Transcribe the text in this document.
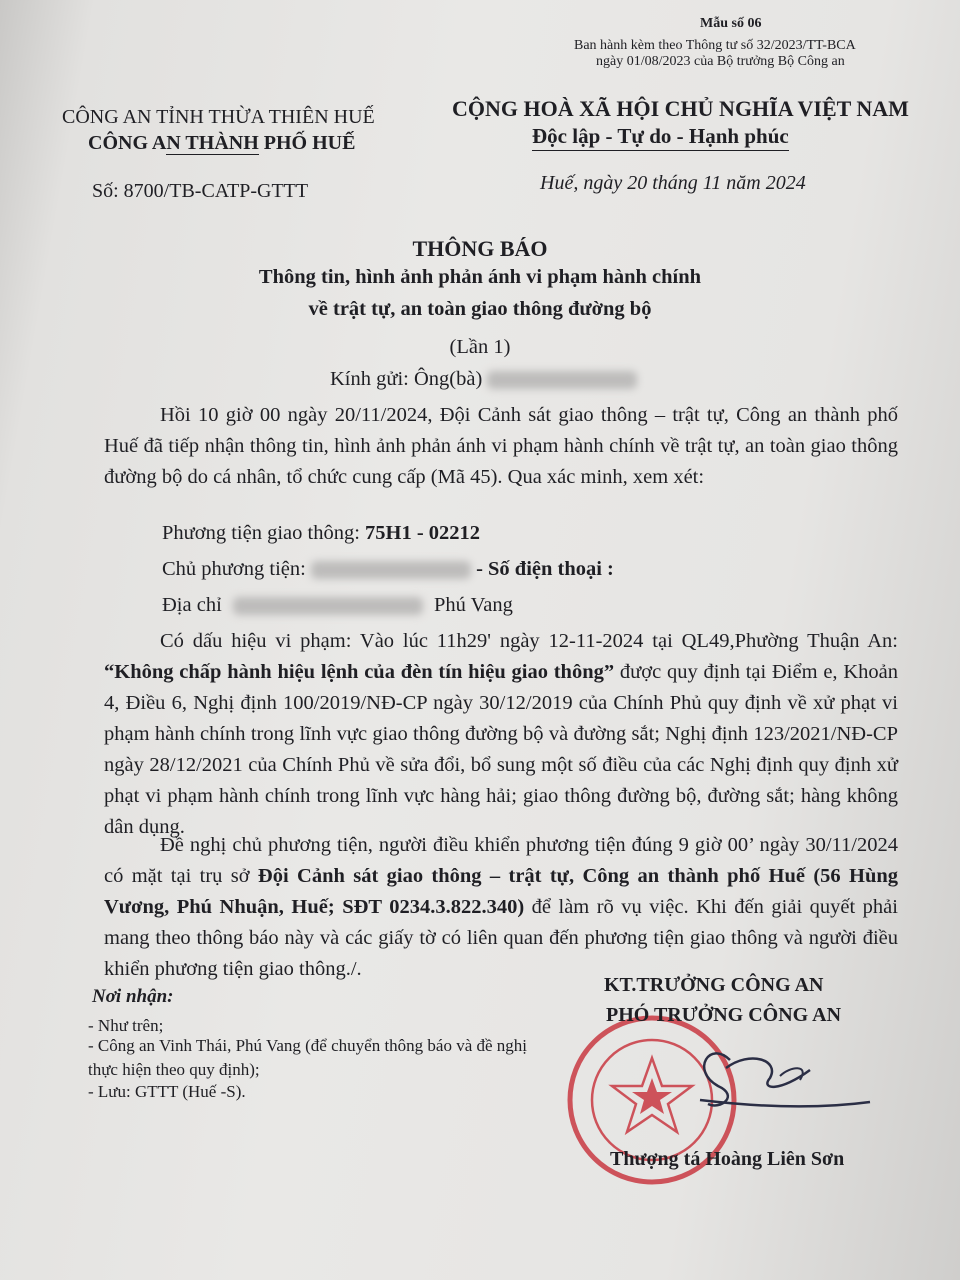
Mẫu số 06
Ban hành kèm theo Thông tư số 32/2023/TT-BCA
ngày 01/08/2023 của Bộ trưởng Bộ Công an
CÔNG AN TỈNH THỪA THIÊN HUẾ
CÔNG AN THÀNH PHỐ HUẾ
CỘNG HOÀ XÃ HỘI CHỦ NGHĨA VIỆT NAM
Độc lập - Tự do - Hạnh phúc
Số: 8700/TB-CATP-GTTT	Huế, ngày 20 tháng 11 năm 2024
THÔNG BÁO
Thông tin, hình ảnh phản ánh vi phạm hành chính
về trật tự, an toàn giao thông đường bộ
(Lần 1)
Kính gửi: Ông(bà)

Hồi 10 giờ 00 ngày 20/11/2024, Đội Cảnh sát giao thông – trật tự, Công an thành phố Huế đã tiếp nhận thông tin, hình ảnh phản ánh vi phạm hành chính về trật tự, an toàn giao thông đường bộ do cá nhân, tổ chức cung cấp (Mã 45). Qua xác minh, xem xét:

Phương tiện giao thông: 75H1 - 02212
Chủ phương tiện:	- Số điện thoại :
Địa chỉ	Phú Vang

Có dấu hiệu vi phạm: Vào lúc 11h29' ngày 12-11-2024 tại QL49,Phường Thuận An: “Không chấp hành hiệu lệnh của đèn tín hiệu giao thông” được quy định tại Điểm e, Khoản 4, Điều 6, Nghị định 100/2019/NĐ-CP ngày 30/12/2019 của Chính Phủ quy định về xử phạt vi phạm hành chính trong lĩnh vực giao thông đường bộ và đường sắt; Nghị định 123/2021/NĐ-CP ngày 28/12/2021 của Chính Phủ về sửa đổi, bổ sung một số điều của các Nghị định quy định xử phạt vi phạm hành chính trong lĩnh vực hàng hải; giao thông đường bộ, đường sắt; hàng không dân dụng.

Đề nghị chủ phương tiện, người điều khiển phương tiện đúng 9 giờ 00’ ngày 30/11/2024 có mặt tại trụ sở Đội Cảnh sát giao thông – trật tự, Công an thành phố Huế (56 Hùng Vương, Phú Nhuận, Huế; SĐT 0234.3.822.340) để làm rõ vụ việc. Khi đến giải quyết phải mang theo thông báo này và các giấy tờ có liên quan đến phương tiện giao thông và người điều khiển phương tiện giao thông./.

Nơi nhận:
- Như trên;
- Công an Vinh Thái, Phú Vang (để chuyển thông báo và đề nghị thực hiện theo quy định);
- Lưu: GTTT (Huế -S).
KT.TRƯỞNG CÔNG AN
PHÓ TRƯỞNG CÔNG AN
Thượng tá Hoàng Liên Sơn
